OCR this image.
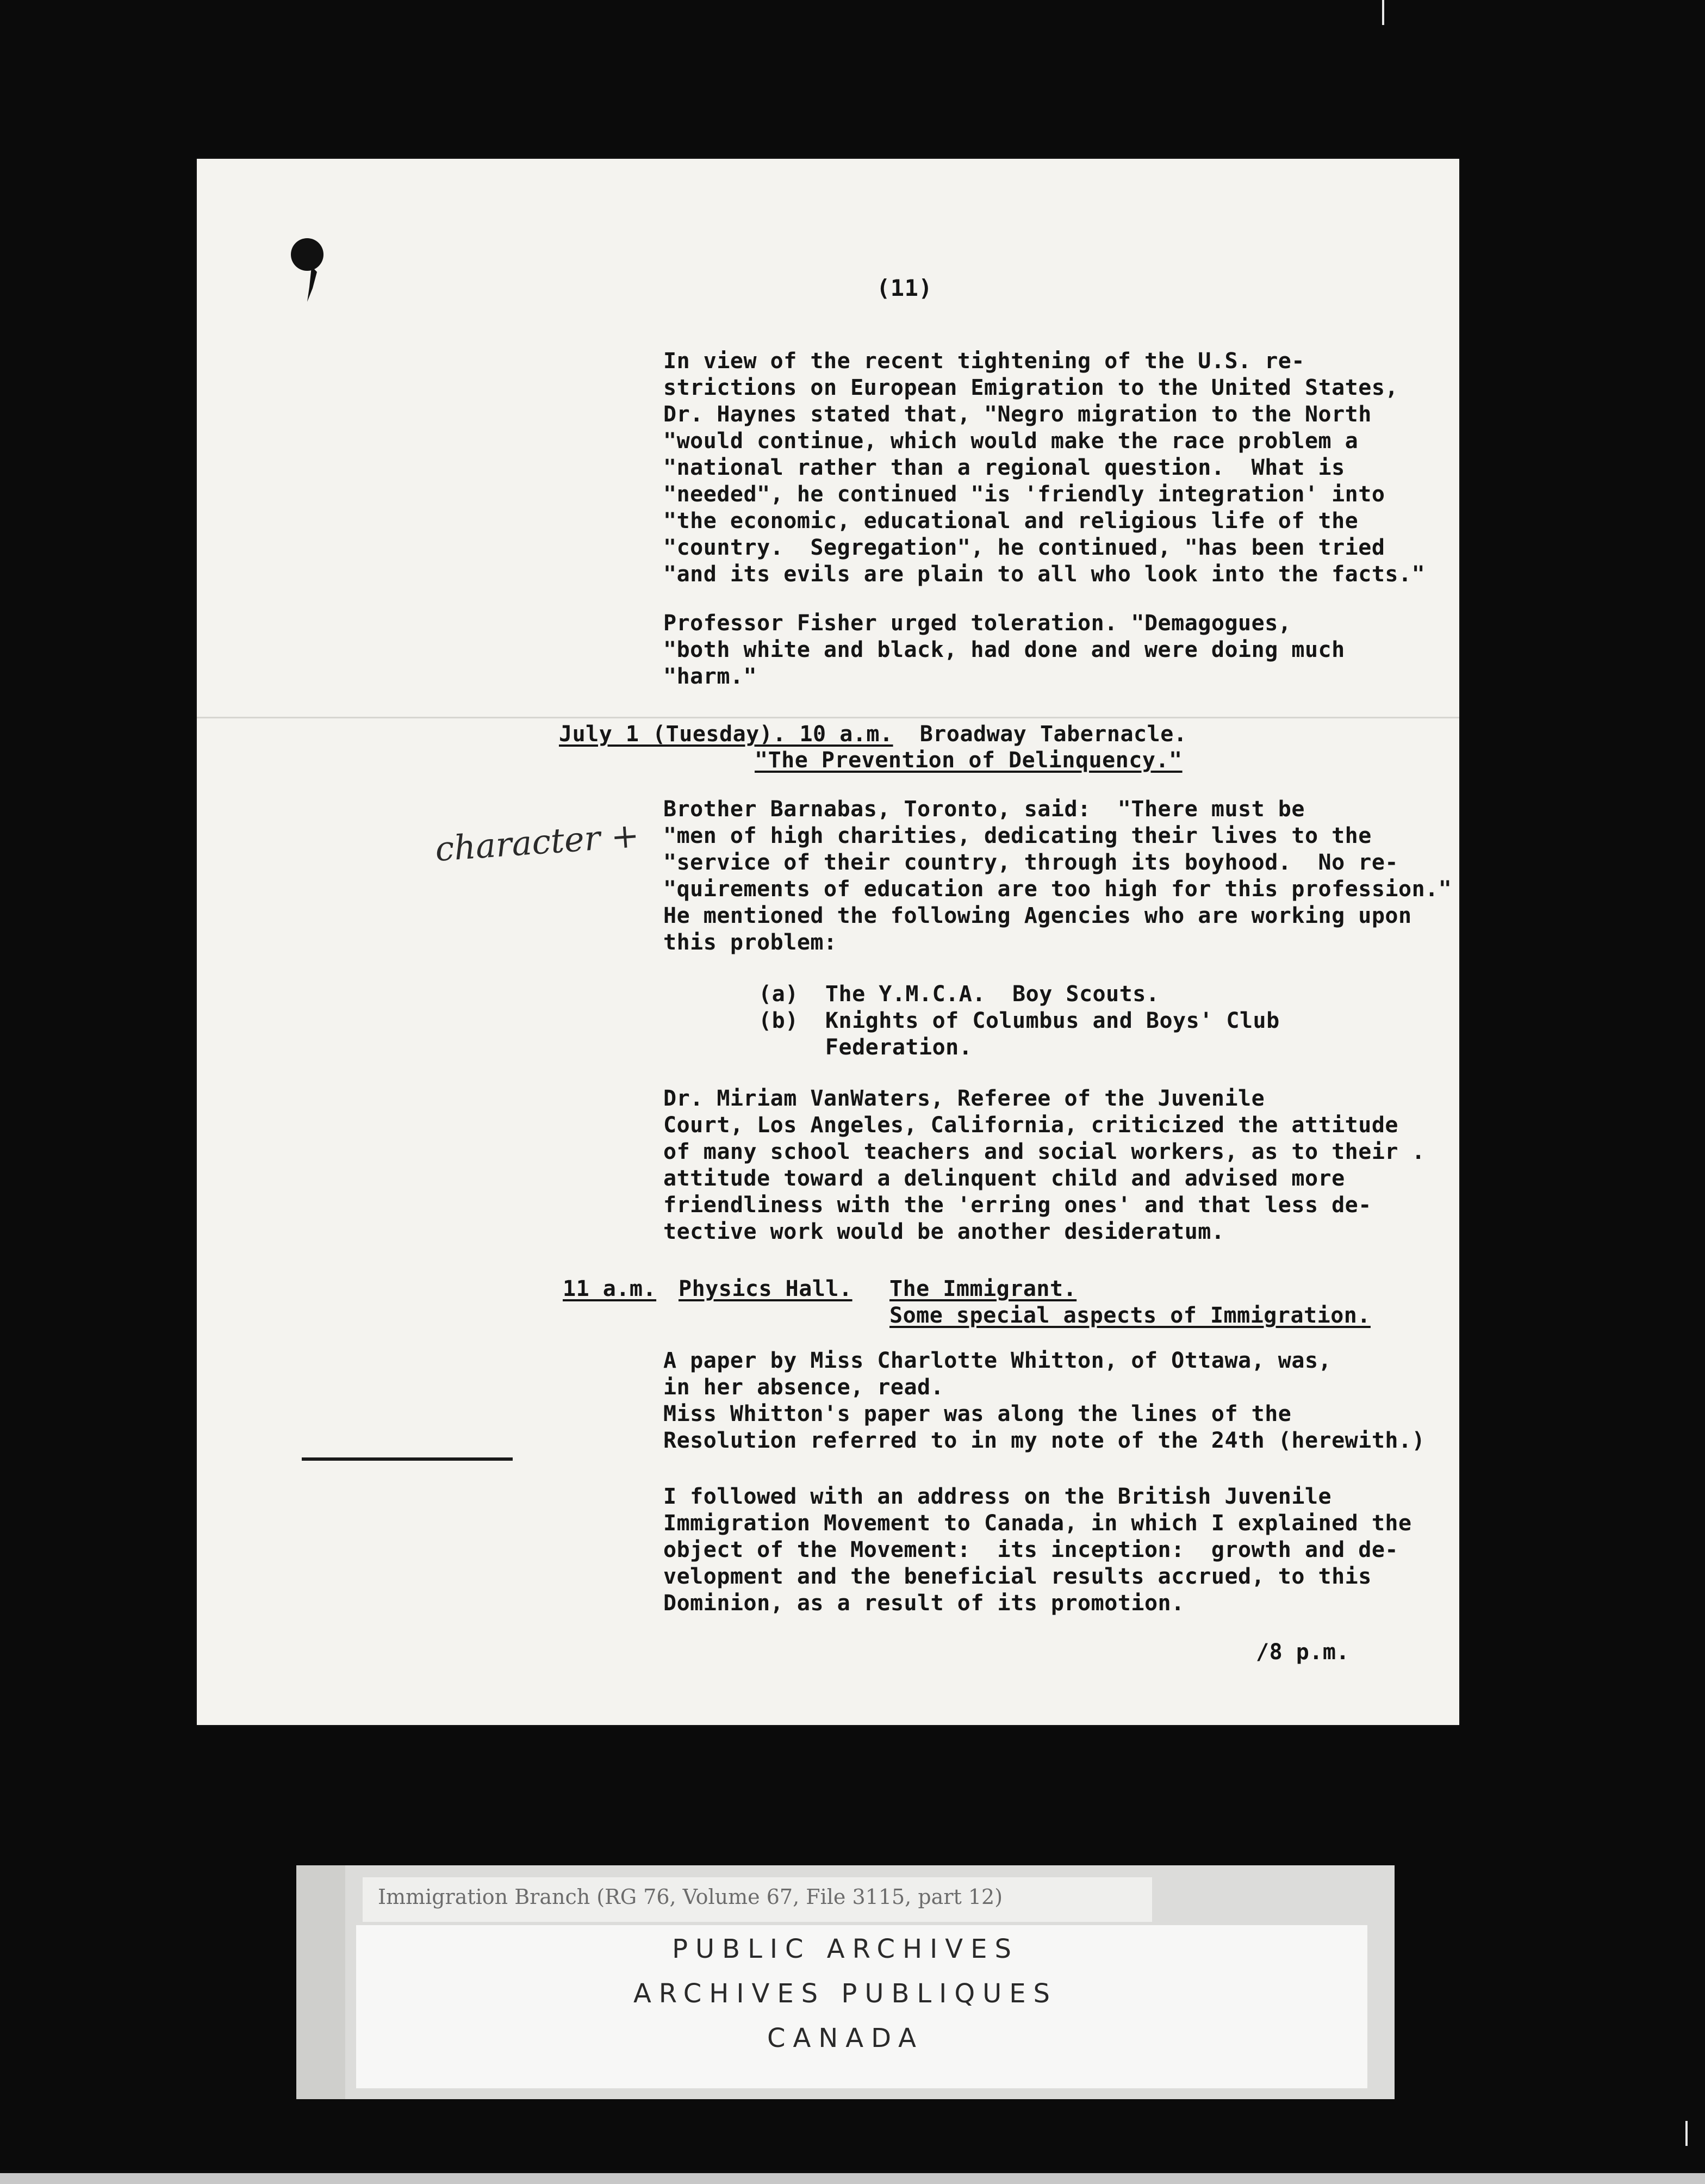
(11)
In view of the recent tightening of the U.S. re-
strictions on European Emigration to the United States,
Dr. Haynes stated that, "Negro migration to the North
"would continue, which would make the race problem a
"national rather than a regional question.  What is
"needed", he continued "is 'friendly integration' into
"the economic, educational and religious life of the
"country.  Segregation", he continued, "has been tried
"and its evils are plain to all who look into the facts."
Professor Fisher urged toleration. "Demagogues,
"both white and black, had done and were doing much
"harm."
July 1 (Tuesday). 10 a.m.  Broadway Tabernacle.
"The Prevention of Delinquency."
character +
Brother Barnabas, Toronto, said:  "There must be
"men of high charities, dedicating their lives to the
"service of their country, through its boyhood.  No re-
"quirements of education are too high for this profession."
He mentioned the following Agencies who are working upon
this problem:
(a)  The Y.M.C.A.  Boy Scouts.
(b)  Knights of Columbus and Boys' Club
Federation.
Dr. Miriam VanWaters, Referee of the Juvenile
Court, Los Angeles, California, criticized the attitude
of many school teachers and social workers, as to their .
attitude toward a delinquent child and advised more
friendliness with the 'erring ones' and that less de-
tective work would be another desideratum.
11 a.m. Physics Hall. The Immigrant.
Some special aspects of Immigration.
A paper by Miss Charlotte Whitton, of Ottawa, was,
in her absence, read.
Miss Whitton's paper was along the lines of the
Resolution referred to in my note of the 24th (herewith.)
I followed with an address on the British Juvenile
Immigration Movement to Canada, in which I explained the
object of the Movement:  its inception:  growth and de-
velopment and the beneficial results accrued, to this
Dominion, as a result of its promotion.
/8 p.m.
Immigration Branch (RG 76, Volume 67, File 3115, part 12)
PUBLIC ARCHIVES
ARCHIVES PUBLIQUES
CANADA
